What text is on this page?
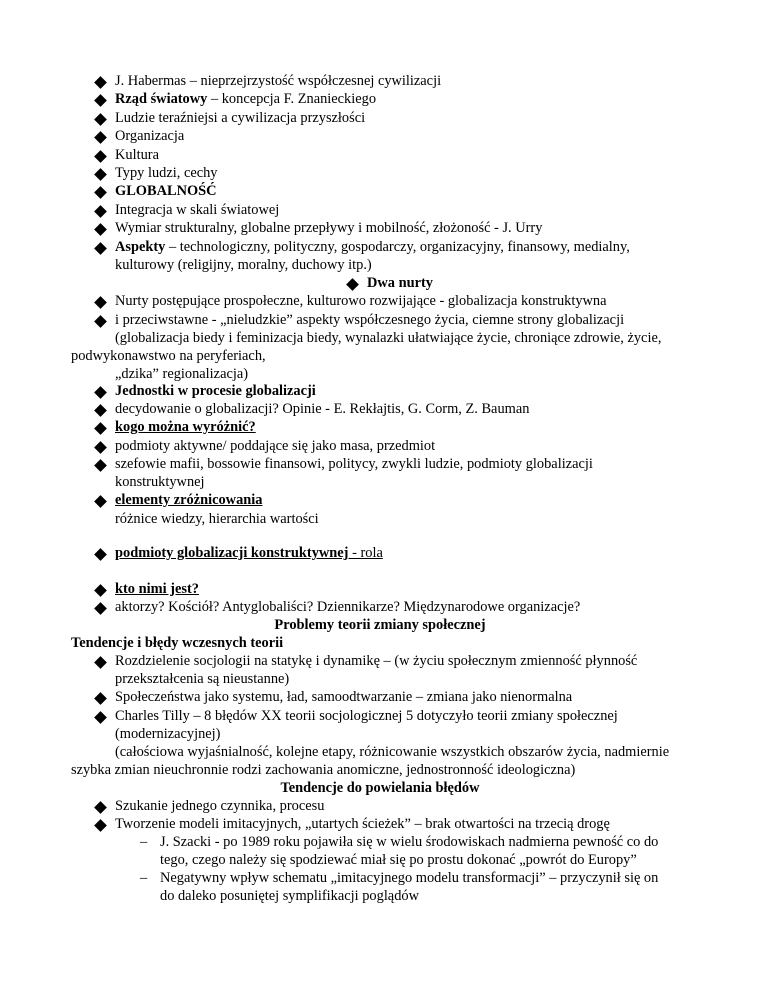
J. Habermas – nieprzejrzystość współczesnej cywilizacji
Rząd światowy – koncepcja F. Znanieckiego
Ludzie teraźniejsi a cywilizacja przyszłości
Organizacja
Kultura
Typy ludzi, cechy
GLOBALNOŚĆ
Integracja w skali światowej
Wymiar strukturalny, globalne przepływy i mobilność, złożoność - J. Urry
Aspekty – technologiczny, polityczny, gospodarczy, organizacyjny, finansowy, medialny,
kulturowy (religijny, moralny, duchowy itp.)
Dwa nurty
Nurty postępujące prospołeczne, kulturowo rozwijające - globalizacja konstruktywna
i przeciwstawne - „nieludzkie” aspekty współczesnego życia, ciemne strony globalizacji
(globalizacja biedy i feminizacja biedy, wynalazki ułatwiające życie, chroniące zdrowie, życie,
podwykonawstwo na peryferiach,
„dzika” regionalizacja)
Jednostki w procesie globalizacji
decydowanie o globalizacji? Opinie - E. Rekłajtis, G. Corm, Z. Bauman
kogo można wyróżnić?
podmioty aktywne/ poddające się jako masa, przedmiot
szefowie mafii, bossowie finansowi, politycy, zwykli ludzie, podmioty globalizacji
konstruktywnej
elementy zróżnicowania
różnice wiedzy, hierarchia wartości
podmioty globalizacji konstruktywnej - rola
kto nimi jest?
aktorzy? Kościół? Antyglobaliści? Dziennikarze? Międzynarodowe organizacje?
Problemy teorii zmiany społecznej
Tendencje i błędy wczesnych teorii
Rozdzielenie socjologii na statykę i dynamikę – (w życiu społecznym zmienność płynność
przekształcenia są nieustanne)
Społeczeństwa jako systemu, ład, samoodtwarzanie – zmiana jako nienormalna
Charles Tilly – 8 błędów XX teorii socjologicznej 5 dotyczyło teorii zmiany społecznej
(modernizacyjnej)
(całościowa wyjaśnialność, kolejne etapy, różnicowanie wszystkich obszarów życia, nadmiernie
szybka zmian nieuchronnie rodzi zachowania anomiczne, jednostronność ideologiczna)
Tendencje do powielania błędów
Szukanie jednego czynnika, procesu
Tworzenie modeli imitacyjnych, „utartych ścieżek” – brak otwartości na trzecią drogę
– J. Szacki - po 1989 roku pojawiła się w wielu środowiskach nadmierna pewność co do
tego, czego należy się spodziewać miał się po prostu dokonać „powrót do Europy”
– Negatywny wpływ schematu „imitacyjnego modelu transformacji” – przyczynił się on
do daleko posuniętej symplifikacji poglądów
